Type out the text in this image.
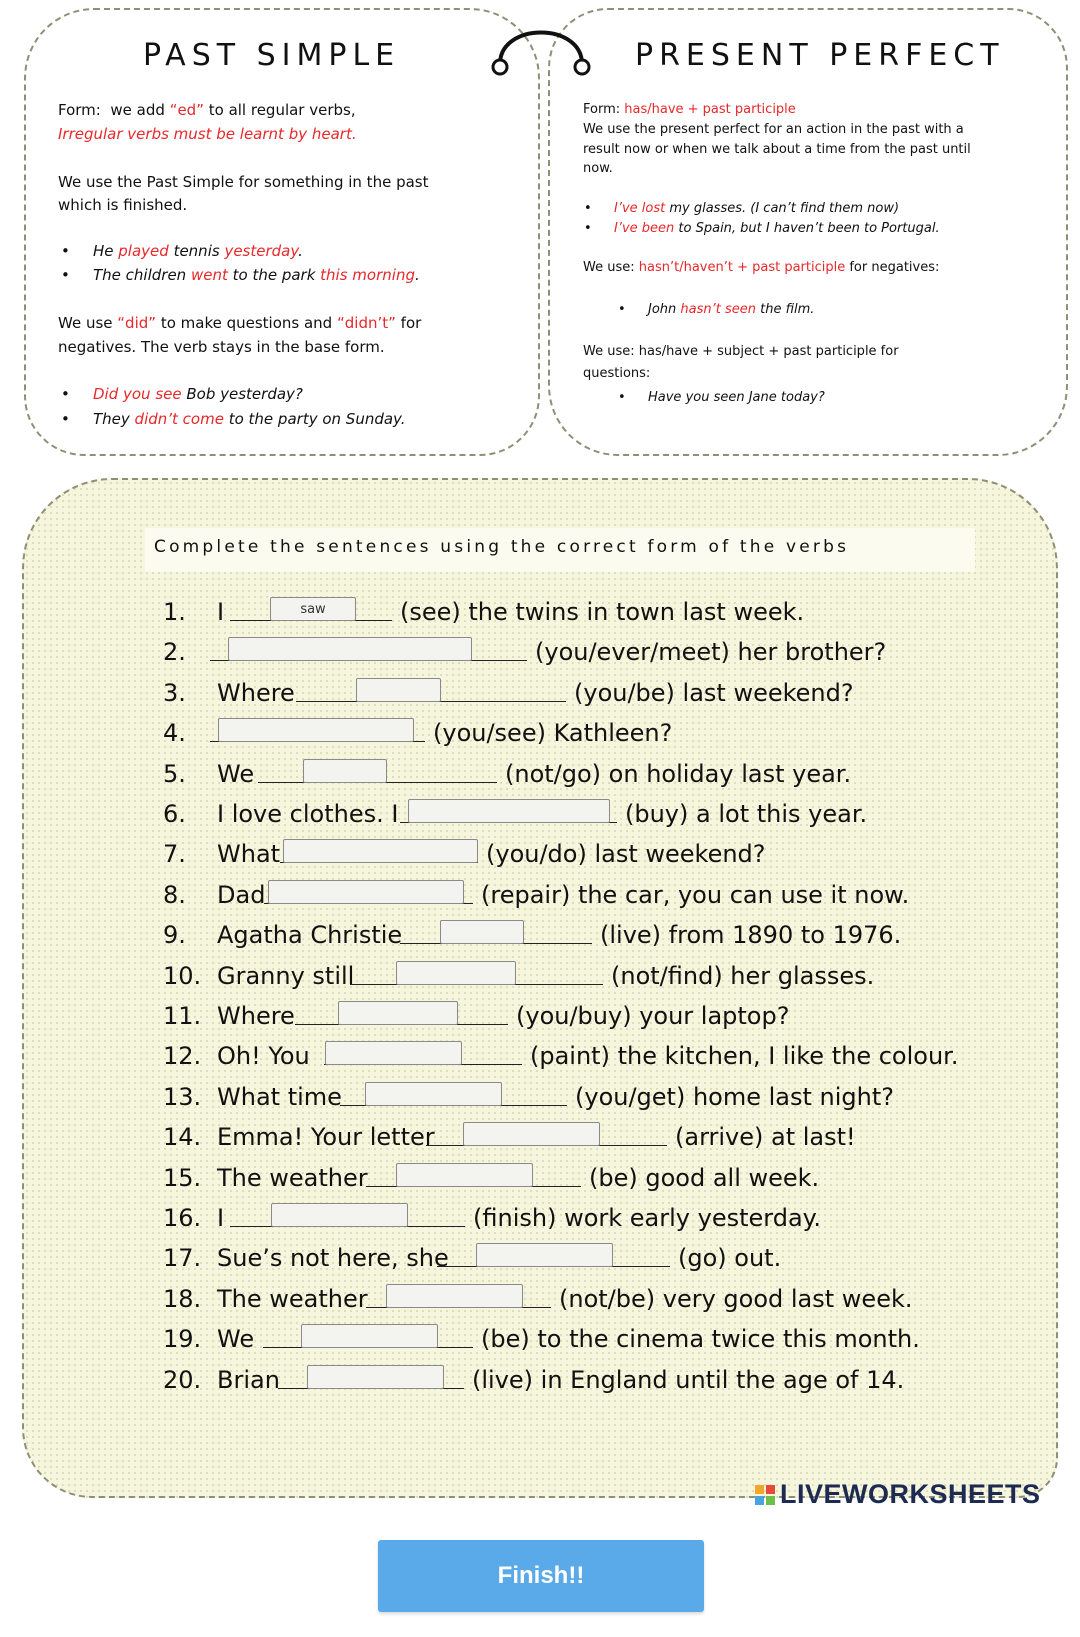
PAST SIMPLE	PRESENT PERFECT
Form: we add “ed” to all regular verbs,
Irregular verbs must be learnt by heart.
We use the Past Simple for something in the past
which is finished.
• He played tennis yesterday.
• The children went to the park this morning.
We use “did” to make questions and “didn’t” for
negatives. The verb stays in the base form.
• Did you see Bob yesterday?
• They didn’t come to the party on Sunday.
Form: has/have + past participle
We use the present perfect for an action in the past with a
result now or when we talk about a time from the past until
now.
• I’ve lost my glasses. (I can’t find them now)
• I’ve been to Spain, but I haven’t been to Portugal.
We use: hasn’t/haven’t + past participle for negatives:
• John hasn’t seen the film.
We use: has/have + subject + past participle for
questions:
• Have you seen Jane today?
Complete the sentences using the correct form of the verbs
1. I
saw	(see) the twins in town last week.
2.	(you/ever/meet) her brother?
3. Where	(you/be) last weekend?
4.	(you/see) Kathleen?
5. We	(not/go) on holiday last year.
6. I love clothes. I	(buy) a lot this year.
7. What	(you/do) last weekend?
8. Dad	(repair) the car, you can use it now.
9. Agatha Christie	(live) from 1890 to 1976.
10. Granny still	(not/find) her glasses.
11. Where	(you/buy) your laptop?
12. Oh! You	(paint) the kitchen, I like the colour.
13. What time	(you/get) home last night?
14. Emma! Your letter	(arrive) at last!
15. The weather	(be) good all week.
16. I	(finish) work early yesterday.
17. Sue’s not here, she	(go) out.
18. The weather	(not/be) very good last week.
19. We	(be) to the cinema twice this month.
20. Brian	(live) in England until the age of 14.
LIVEWORKSHEETS
Finish!!
